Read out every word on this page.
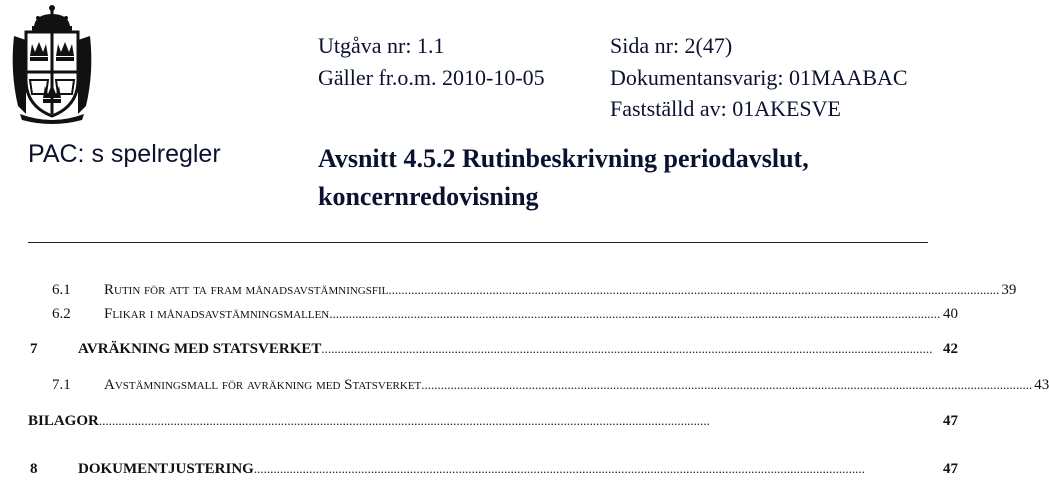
Utgåva nr: 1.1	Sida nr: 2(47)
Gäller fr.o.m. 2010-10-05	Dokumentansvarig: 01MAABAC
Fastställd av: 01AKESVE
PAC: s spelregler	Avsnitt 4.5.2 Rutinbeskrivning periodavslut, koncernredovisning
6.1 Rutin för att ta fram månadsavstämningsfil ............................................................................................................................................................................................ 39
6.2 Flikar i månadsavstämningsmallen ............................................................................................................................................................................................ 40
7	AVRÄKNING MED STATSVERKET ............................................................................................................................................................................................ 42
7.1 Avstämningsmall för avräkning med Statsverket ............................................................................................................................................................................................ 43
BILAGOR ............................................................................................................................................................................................	47
8	DOKUMENTJUSTERING ............................................................................................................................................................................................	47
